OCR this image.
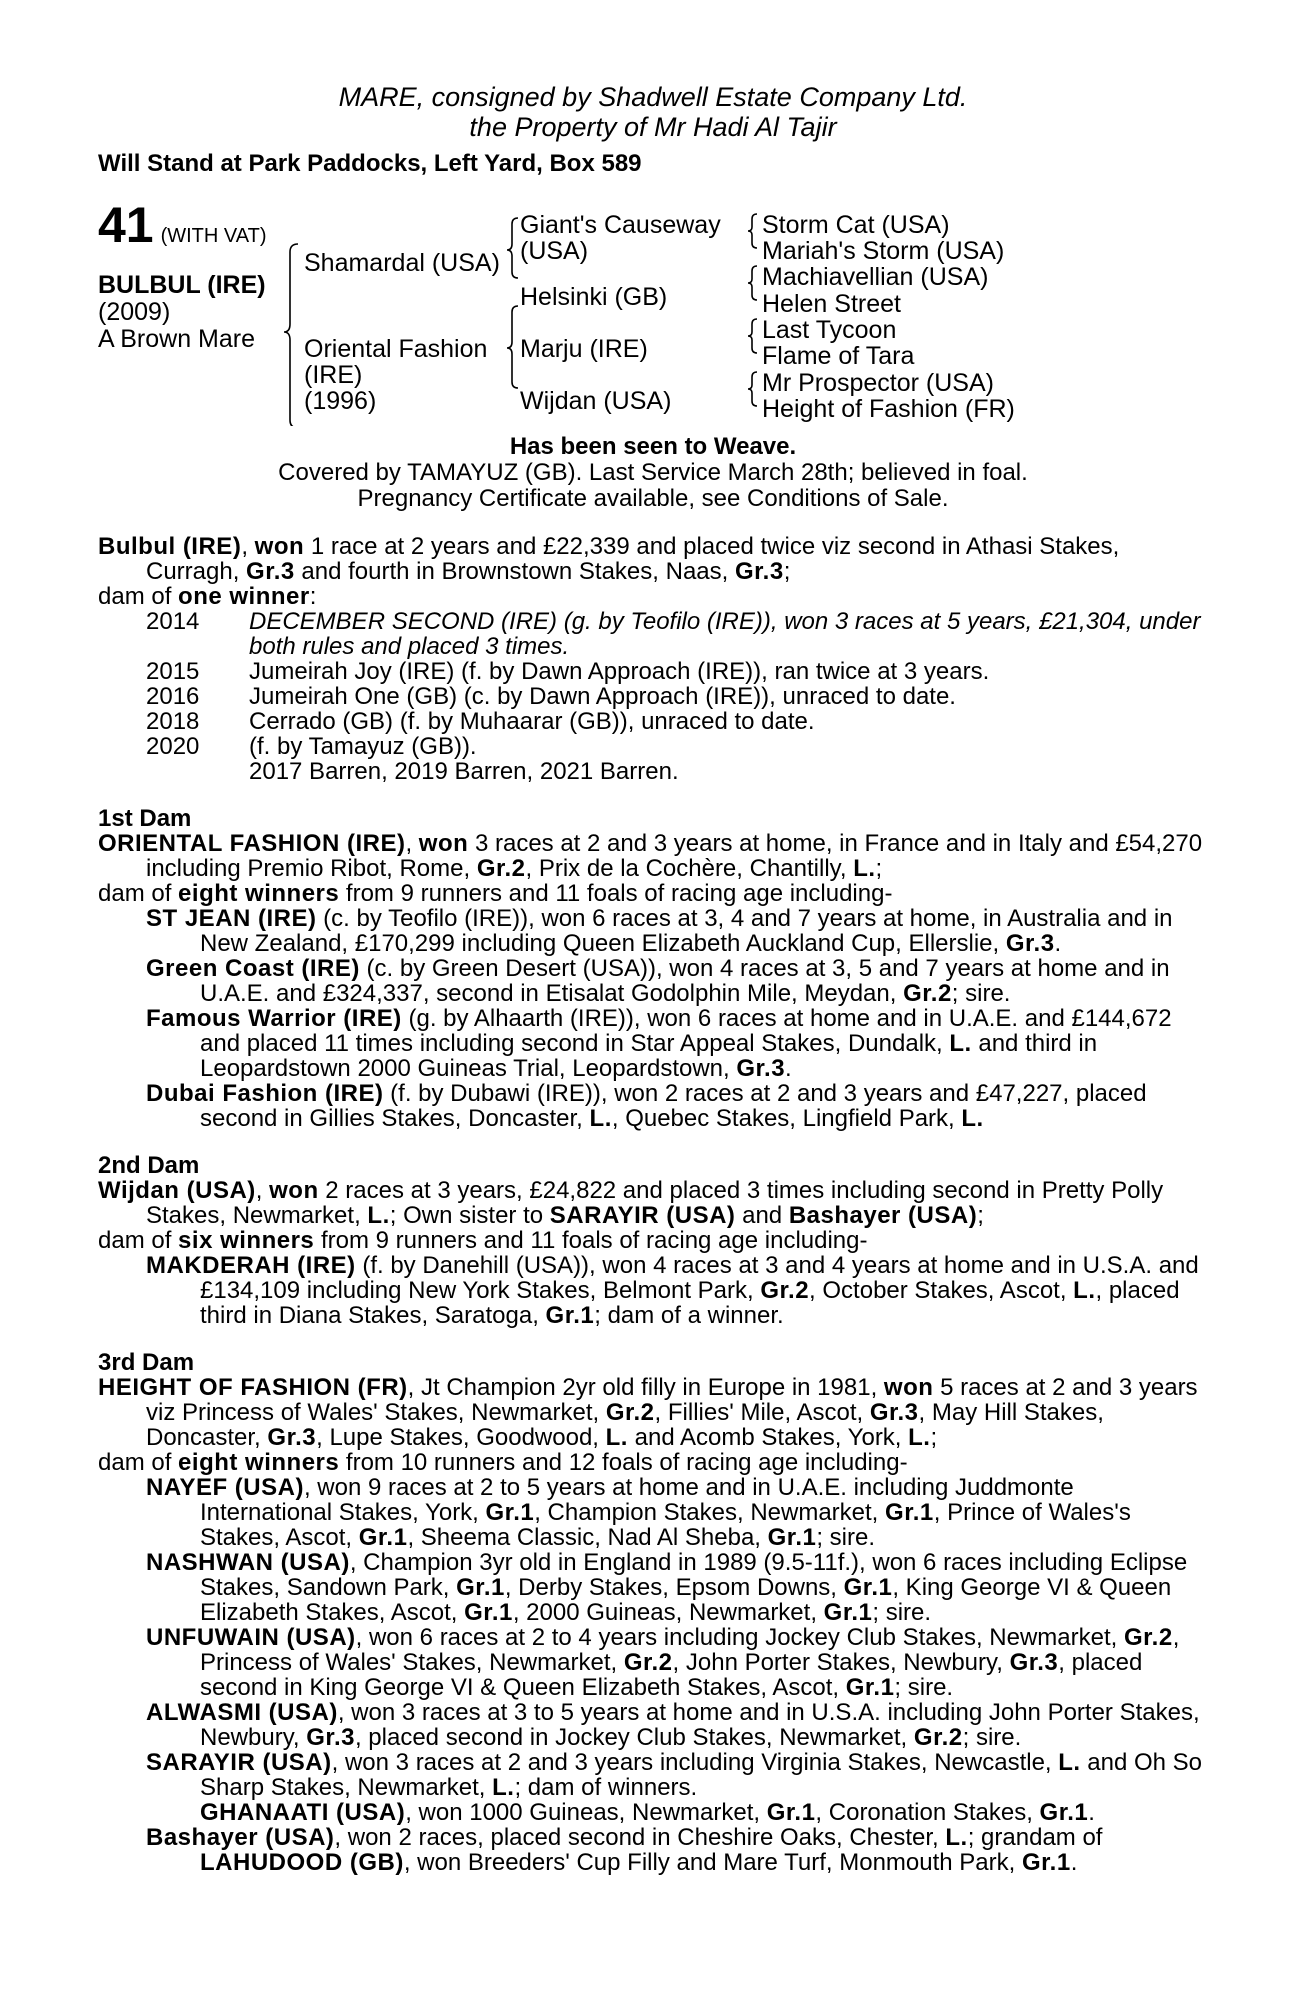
MARE, consigned by Shadwell Estate Company Ltd.
the Property of Mr Hadi Al Tajir
Will Stand at Park Paddocks, Left Yard, Box 589
41 (WITH VAT)
BULBUL (IRE)
(2009)
A Brown Mare
Shamardal (USA)
Oriental Fashion
(IRE)
(1996)
Giant's Causeway
(USA)
Helsinki (GB)
Marju (IRE)
Wijdan (USA)
Storm Cat (USA)
Mariah's Storm (USA)
Machiavellian (USA)
Helen Street
Last Tycoon
Flame of Tara
Mr Prospector (USA)
Height of Fashion (FR)
Has been seen to Weave.
Covered by TAMAYUZ (GB). Last Service March 28th; believed in foal.
Pregnancy Certificate available, see Conditions of Sale.

Bulbul (IRE), won 1 race at 2 years and £22,339 and placed twice viz second in Athasi Stakes, Curragh, Gr.3 and fourth in Brownstown Stakes, Naas, Gr.3;

dam of one winner:

2014 DECEMBER SECOND (IRE) (g. by Teofilo (IRE)), won 3 races at 5 years, £21,304, under both rules and placed 3 times.

2015 Jumeirah Joy (IRE) (f. by Dawn Approach (IRE)), ran twice at 3 years.

2016 Jumeirah One (GB) (c. by Dawn Approach (IRE)), unraced to date.

2018 Cerrado (GB) (f. by Muhaarar (GB)), unraced to date.

2020 (f. by Tamayuz (GB)).

2017 Barren, 2019 Barren, 2021 Barren.

1st Dam

ORIENTAL FASHION (IRE), won 3 races at 2 and 3 years at home, in France and in Italy and £54,270 including Premio Ribot, Rome, Gr.2, Prix de la Cochère, Chantilly, L.;

dam of eight winners from 9 runners and 11 foals of racing age including-

ST JEAN (IRE) (c. by Teofilo (IRE)), won 6 races at 3, 4 and 7 years at home, in Australia and in New Zealand, £170,299 including Queen Elizabeth Auckland Cup, Ellerslie, Gr.3.

Green Coast (IRE) (c. by Green Desert (USA)), won 4 races at 3, 5 and 7 years at home and in U.A.E. and £324,337, second in Etisalat Godolphin Mile, Meydan, Gr.2; sire.

Famous Warrior (IRE) (g. by Alhaarth (IRE)), won 6 races at home and in U.A.E. and £144,672 and placed 11 times including second in Star Appeal Stakes, Dundalk, L. and third in Leopardstown 2000 Guineas Trial, Leopardstown, Gr.3.

Dubai Fashion (IRE) (f. by Dubawi (IRE)), won 2 races at 2 and 3 years and £47,227, placed second in Gillies Stakes, Doncaster, L., Quebec Stakes, Lingfield Park, L.

2nd Dam

Wijdan (USA), won 2 races at 3 years, £24,822 and placed 3 times including second in Pretty Polly Stakes, Newmarket, L.; Own sister to SARAYIR (USA) and Bashayer (USA);

dam of six winners from 9 runners and 11 foals of racing age including-

MAKDERAH (IRE) (f. by Danehill (USA)), won 4 races at 3 and 4 years at home and in U.S.A. and £134,109 including New York Stakes, Belmont Park, Gr.2, October Stakes, Ascot, L., placed third in Diana Stakes, Saratoga, Gr.1; dam of a winner.

3rd Dam

HEIGHT OF FASHION (FR), Jt Champion 2yr old filly in Europe in 1981, won 5 races at 2 and 3 years viz Princess of Wales' Stakes, Newmarket, Gr.2, Fillies' Mile, Ascot, Gr.3, May Hill Stakes, Doncaster, Gr.3, Lupe Stakes, Goodwood, L. and Acomb Stakes, York, L.;

dam of eight winners from 10 runners and 12 foals of racing age including-

NAYEF (USA), won 9 races at 2 to 5 years at home and in U.A.E. including Juddmonte International Stakes, York, Gr.1, Champion Stakes, Newmarket, Gr.1, Prince of Wales's Stakes, Ascot, Gr.1, Sheema Classic, Nad Al Sheba, Gr.1; sire.

NASHWAN (USA), Champion 3yr old in England in 1989 (9.5-11f.), won 6 races including Eclipse Stakes, Sandown Park, Gr.1, Derby Stakes, Epsom Downs, Gr.1, King George VI & Queen Elizabeth Stakes, Ascot, Gr.1, 2000 Guineas, Newmarket, Gr.1; sire.

UNFUWAIN (USA), won 6 races at 2 to 4 years including Jockey Club Stakes, Newmarket, Gr.2, Princess of Wales' Stakes, Newmarket, Gr.2, John Porter Stakes, Newbury, Gr.3, placed second in King George VI & Queen Elizabeth Stakes, Ascot, Gr.1; sire.

ALWASMI (USA), won 3 races at 3 to 5 years at home and in U.S.A. including John Porter Stakes, Newbury, Gr.3, placed second in Jockey Club Stakes, Newmarket, Gr.2; sire.

SARAYIR (USA), won 3 races at 2 and 3 years including Virginia Stakes, Newcastle, L. and Oh So Sharp Stakes, Newmarket, L.; dam of winners.

GHANAATI (USA), won 1000 Guineas, Newmarket, Gr.1, Coronation Stakes, Gr.1.

Bashayer (USA), won 2 races, placed second in Cheshire Oaks, Chester, L.; grandam of

LAHUDOOD (GB), won Breeders' Cup Filly and Mare Turf, Monmouth Park, Gr.1.
